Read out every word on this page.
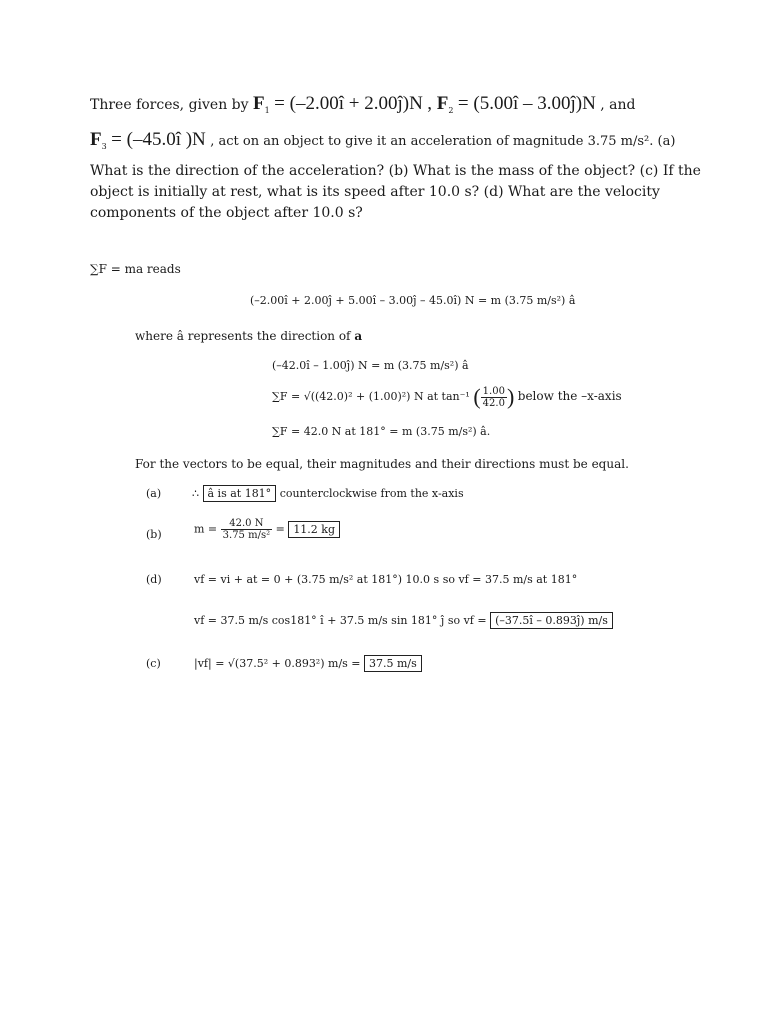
Three forces, given by $F_1$ = (–2.00î + 2.00ĵ)N , $F_2$ = (5.00î – 3.00ĵ)N , and
$F_3$ = (–45.0î )N , act on an object to give it an acceleration of magnitude 3.75 m/s². (a)
What is the direction of the acceleration? (b) What is the mass of the object? (c) If the
object is initially at rest, what is its speed after 10.0 s? (d) What are the velocity
components of the object after 10.0 s?
∑F = ma reads
(–2.00î + 2.00ĵ + 5.00î – 3.00ĵ – 45.0î) N = m (3.75 m/s²) â
where â represents the direction of a
(–42.0î – 1.00ĵ) N = m (3.75 m/s²) â
∑F = √((42.0)² + (1.00)²) N at tan⁻¹ ( $\frac{1.00}{42.0}$ ) below the –x-axis
∑F = 42.0 N at 181° = m (3.75 m/s²) â.
For the vectors to be equal, their magnitudes and their directions must be equal.
(a)	∴ â is at 181° counterclockwise from the x-axis
(b)	$m = \frac{42.0 N}{\text{3.75 m/s²}} = 11.2$ kg
(d)	vf = vi + at = 0 + (3.75 m/s² at 181°) 10.0 s so vf = 37.5 m/s at 181°
vf = 37.5 m/s cos181° î + 37.5 m/s sin 181° ĵ so vf = (–37.5î – 0.893ĵ) m/s
(c)	|vf| = √(37.5² + 0.893²) m/s = 37.5 m/s
